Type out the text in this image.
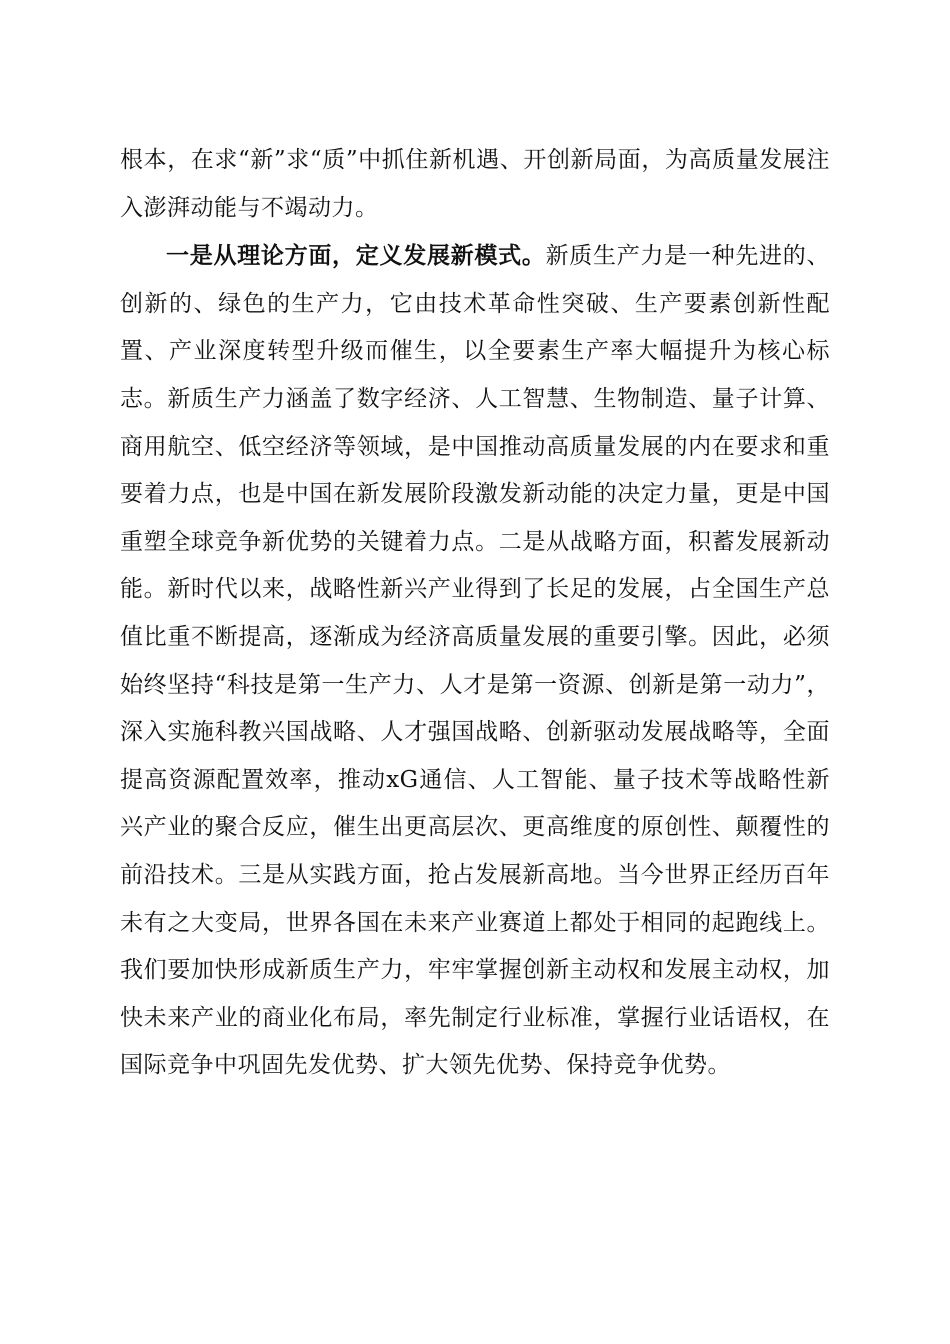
根本，在求“新”求“质”中抓住新机遇、开创新局面，为高质量发展注入澎湃动能与不竭动力。

一是从理论方面，定义发展新模式。新质生产力是一种先进的、创新的、绿色的生产力，它由技术革命性突破、生产要素创新性配置、产业深度转型升级而催生，以全要素生产率大幅提升为核心标志。新质生产力涵盖了数字经济、人工智慧、生物制造、量子计算、商用航空、低空经济等领域，是中国推动高质量发展的内在要求和重要着力点，也是中国在新发展阶段激发新动能的决定力量，更是中国重塑全球竞争新优势的关键着力点。二是从战略方面，积蓄发展新动能。新时代以来，战略性新兴产业得到了长足的发展，占全国生产总值比重不断提高，逐渐成为经济高质量发展的重要引擎。因此，必须始终坚持“科技是第一生产力、人才是第一资源、创新是第一动力”，深入实施科教兴国战略、人才强国战略、创新驱动发展战略等，全面提高资源配置效率，推动xG通信、人工智能、量子技术等战略性新兴产业的聚合反应，催生出更高层次、更高维度的原创性、颠覆性的前沿技术。三是从实践方面，抢占发展新高地。当今世界正经历百年未有之大变局，世界各国在未来产业赛道上都处于相同的起跑线上。我们要加快形成新质生产力，牢牢掌握创新主动权和发展主动权，加快未来产业的商业化布局，率先制定行业标准，掌握行业话语权，在国际竞争中巩固先发优势、扩大领先优势、保持竞争优势。
